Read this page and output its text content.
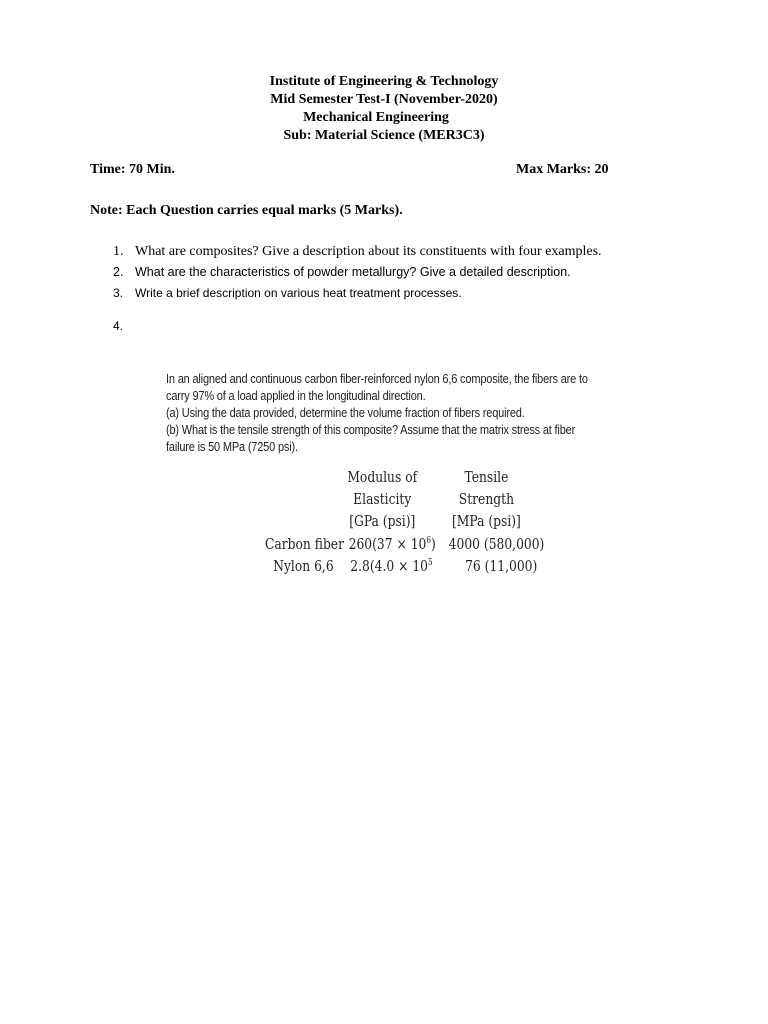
Institute of Engineering & Technology
Mid Semester Test-I (November-2020)
Mechanical Engineering
Sub: Material Science (MER3C3)
Time: 70 Min.	Max Marks: 20
Note: Each Question carries equal marks (5 Marks).
1. What are composites? Give a description about its constituents with four examples.
2. What are the characteristics of powder metallurgy? Give a detailed description.
3. Write a brief description on various heat treatment processes.
4.
In an aligned and continuous carbon fiber-reinforced nylon 6,6 composite, the fibers are to
carry 97% of a load applied in the longitudinal direction.
(a) Using the data provided, determine the volume fraction of fibers required.
(b) What is the tensile strength of this composite? Assume that the matrix stress at fiber
failure is 50 MPa (7250 psi).
Modulus of
Elasticity
[GPa (psi)]
Tensile
Strength
[MPa (psi)]
Carbon fiber $260(37 \times 10^6)$ 4000 (580,000)
Nylon 6,6 $2.8(4.0 \times 10^5$ 76 (11,000)
